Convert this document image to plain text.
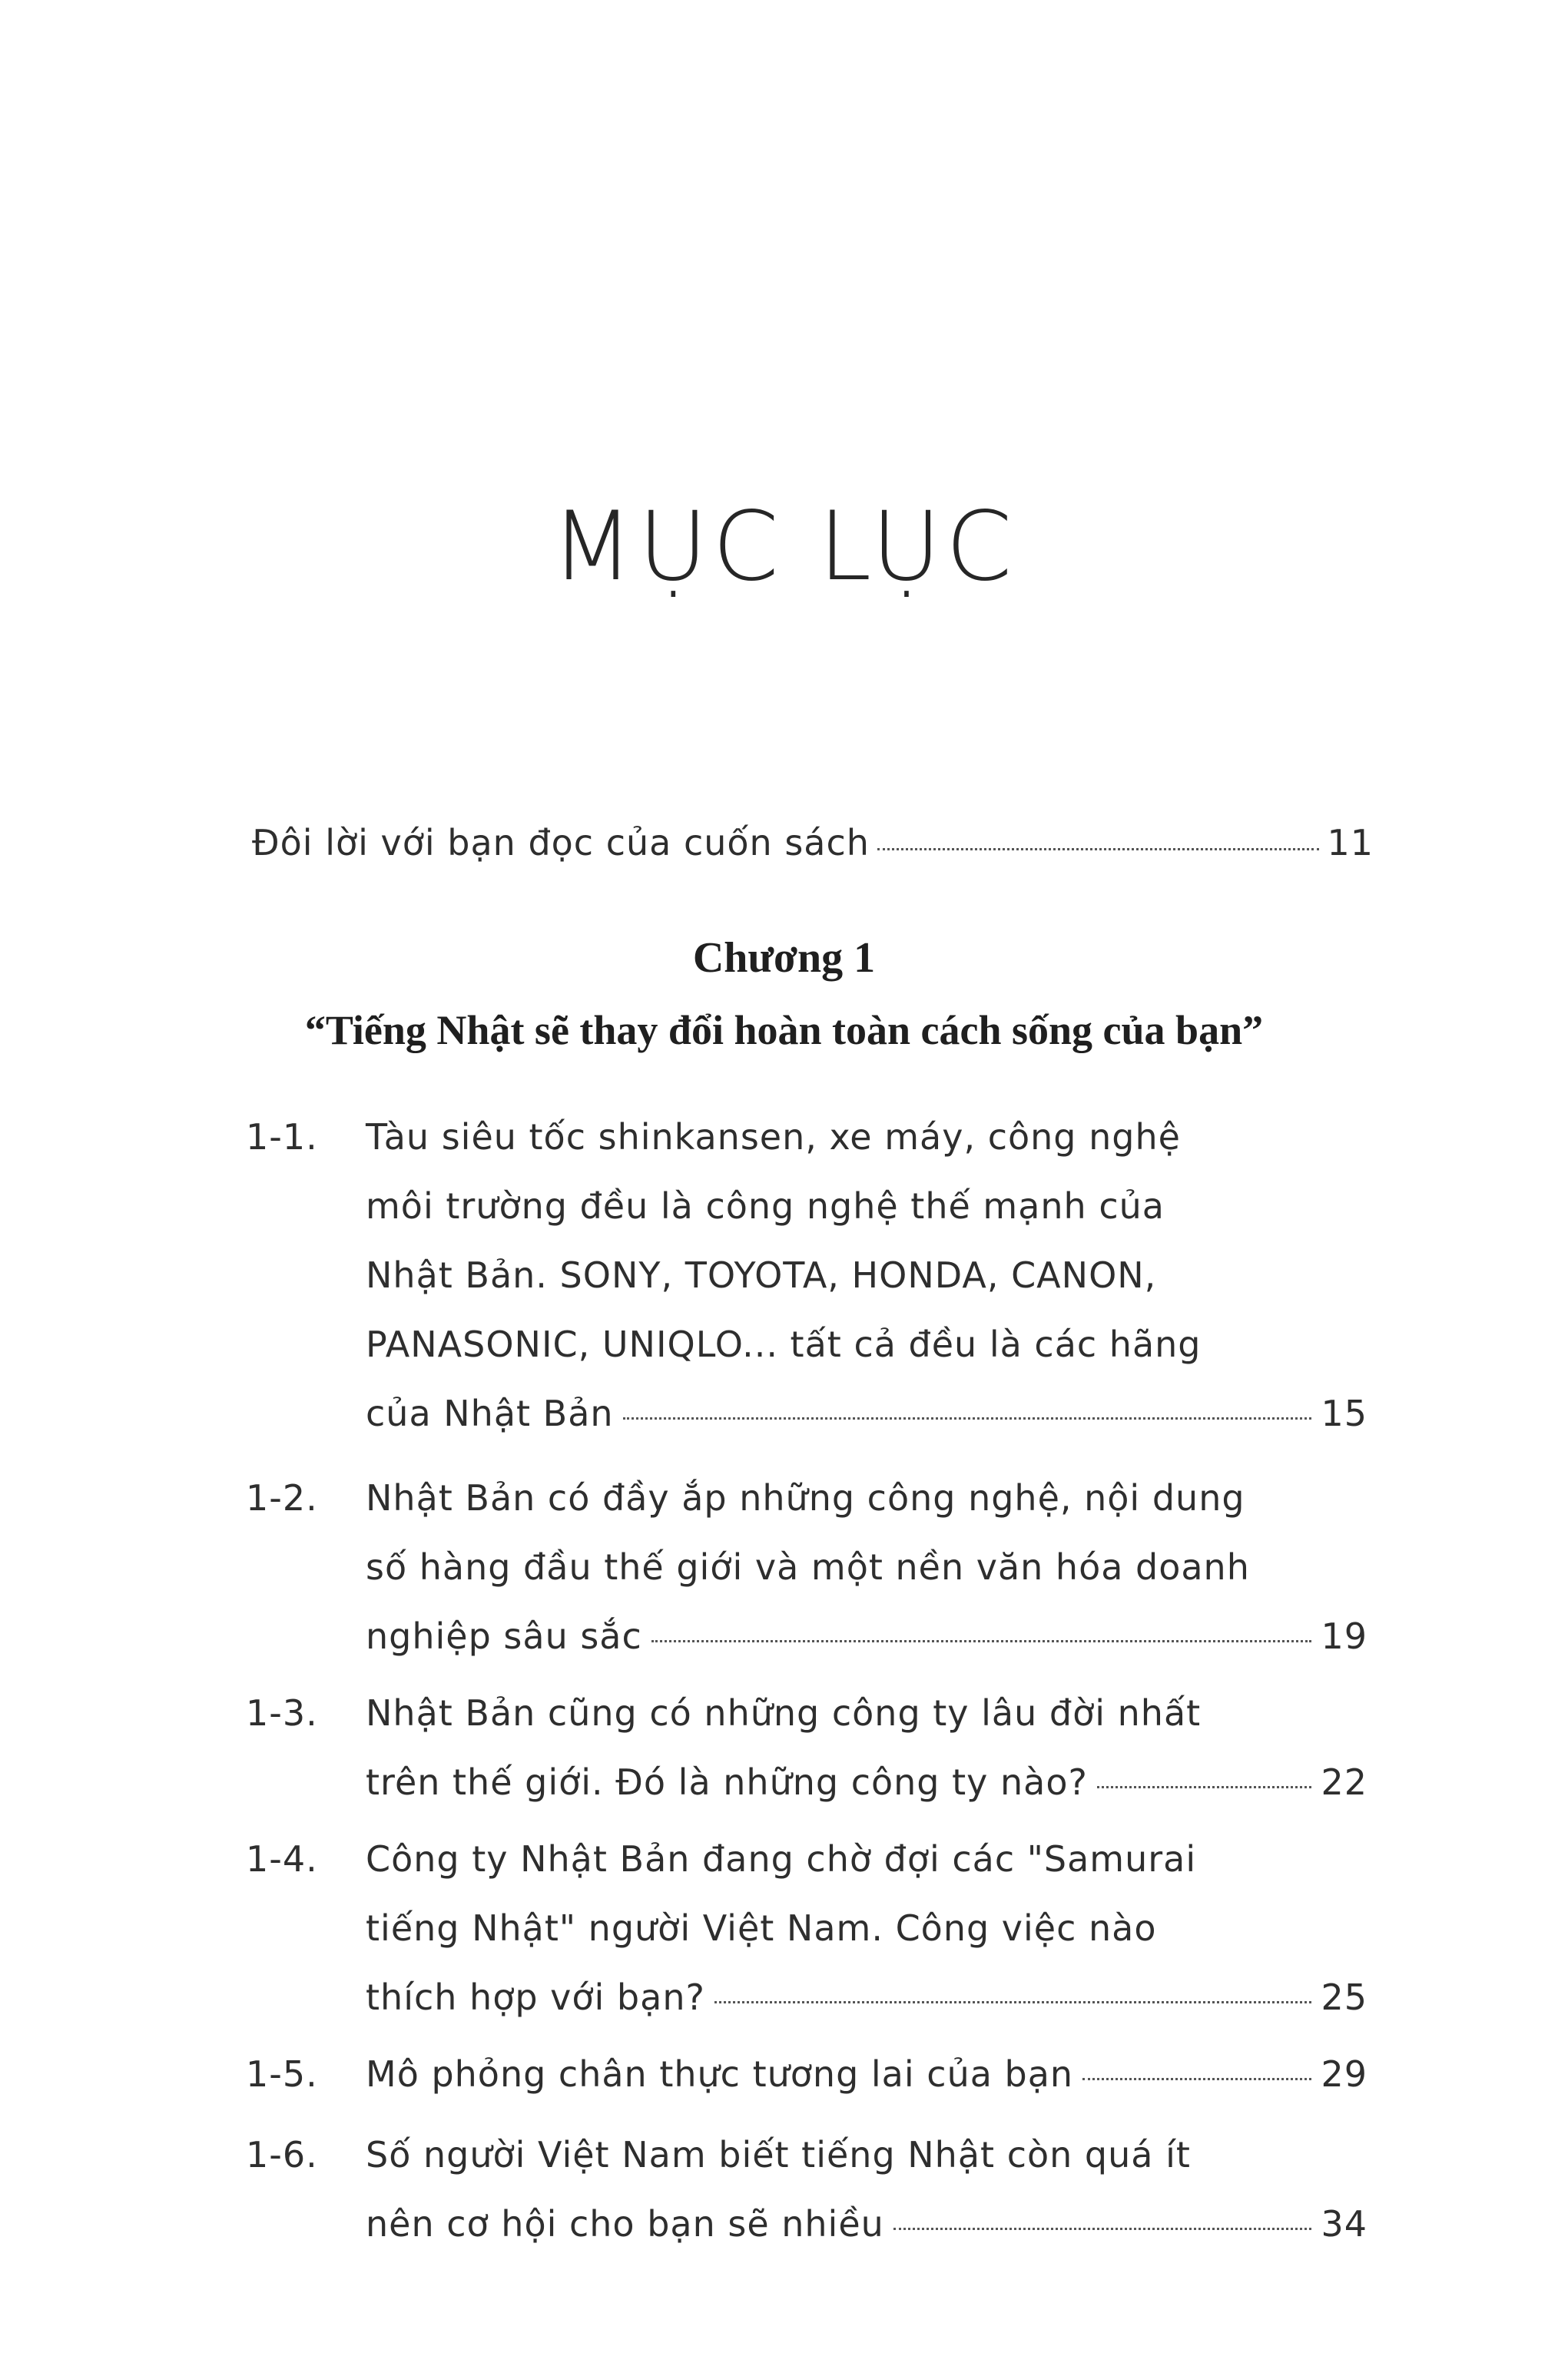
MỤC LỤC
Đôi lời với bạn đọc của cuốn sách	11
Chương 1
“Tiếng Nhật sẽ thay đổi hoàn toàn cách sống của bạn”
1-1. Tàu siêu tốc shinkansen, xe máy, công nghệ
môi trường đều là công nghệ thế mạnh của
Nhật Bản. SONY, TOYOTA, HONDA, CANON,
PANASONIC, UNIQLO... tất cả đều là các hãng
của Nhật Bản	15
1-2. Nhật Bản có đầy ắp những công nghệ, nội dung
số hàng đầu thế giới và một nền văn hóa doanh
nghiệp sâu sắc	19
1-3. Nhật Bản cũng có những công ty lâu đời nhất
trên thế giới. Đó là những công ty nào?	22
1-4. Công ty Nhật Bản đang chờ đợi các "Samurai
tiếng Nhật" người Việt Nam. Công việc nào
thích hợp với bạn?	25
1-5. Mô phỏng chân thực tương lai của bạn	29
1-6. Số người Việt Nam biết tiếng Nhật còn quá ít
nên cơ hội cho bạn sẽ nhiều	34
